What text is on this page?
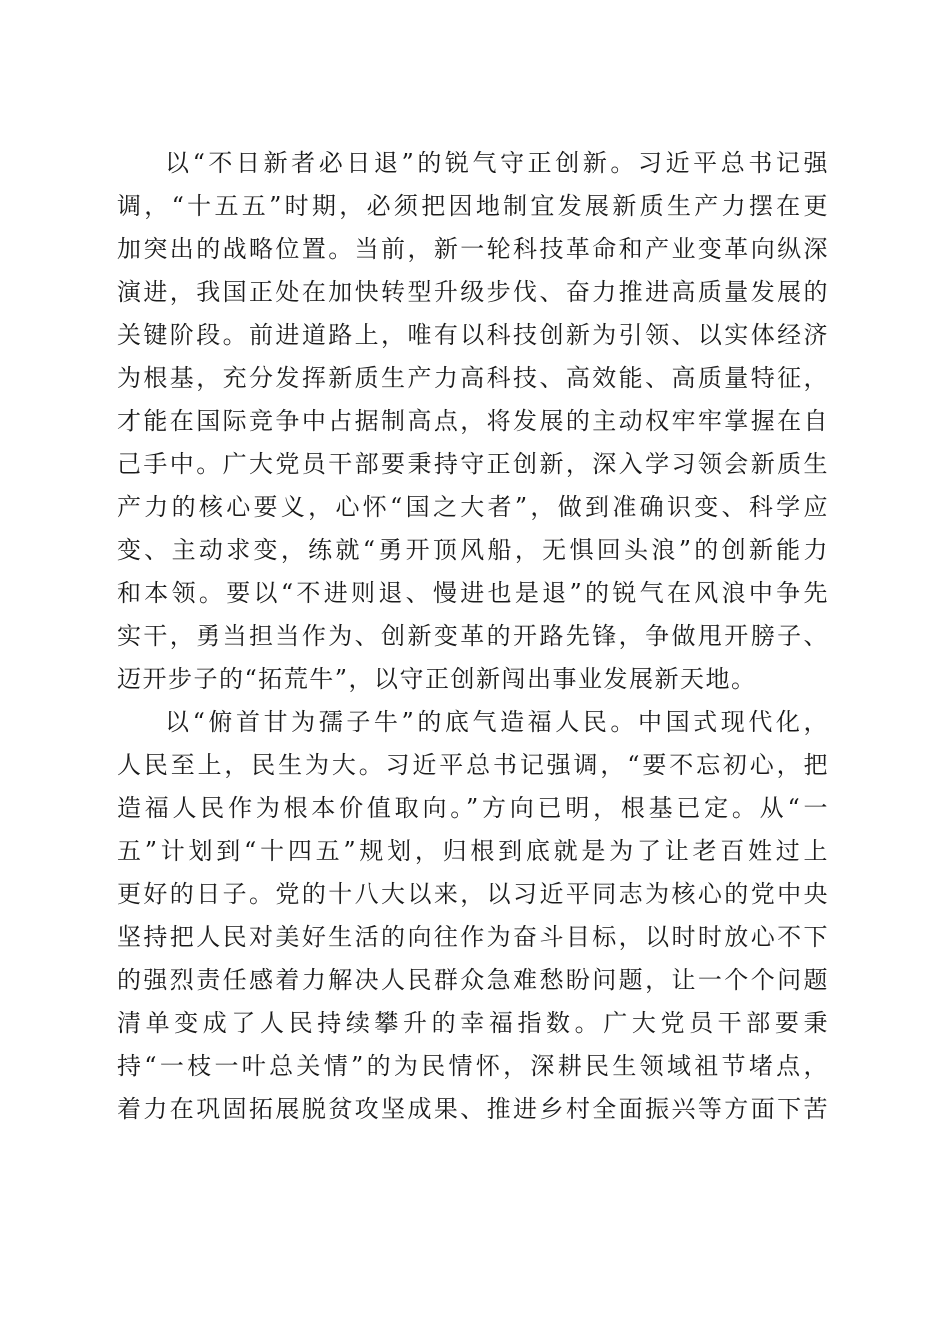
以“不日新者必日退”的锐气守正创新。习近平总书记强
调，“十五五”时期，必须把因地制宜发展新质生产力摆在更
加突出的战略位置。当前，新一轮科技革命和产业变革向纵深
演进，我国正处在加快转型升级步伐、奋力推进高质量发展的
关键阶段。前进道路上，唯有以科技创新为引领、以实体经济
为根基，充分发挥新质生产力高科技、高效能、高质量特征，
才能在国际竞争中占据制高点，将发展的主动权牢牢掌握在自
己手中。广大党员干部要秉持守正创新，深入学习领会新质生
产力的核心要义，心怀“国之大者”，做到准确识变、科学应
变、主动求变，练就“勇开顶风船，无惧回头浪”的创新能力
和本领。要以“不进则退、慢进也是退”的锐气在风浪中争先
实干，勇当担当作为、创新变革的开路先锋，争做甩开膀子、
迈开步子的“拓荒牛”，以守正创新闯出事业发展新天地。
以“俯首甘为孺子牛”的底气造福人民。中国式现代化，
人民至上，民生为大。习近平总书记强调，“要不忘初心，把
造福人民作为根本价值取向。”方向已明，根基已定。从“一
五”计划到“十四五”规划，归根到底就是为了让老百姓过上
更好的日子。党的十八大以来，以习近平同志为核心的党中央
坚持把人民对美好生活的向往作为奋斗目标，以时时放心不下
的强烈责任感着力解决人民群众急难愁盼问题，让一个个问题
清单变成了人民持续攀升的幸福指数。广大党员干部要秉
持“一枝一叶总关情”的为民情怀，深耕民生领域祖节堵点，
着力在巩固拓展脱贫攻坚成果、推进乡村全面振兴等方面下苦
